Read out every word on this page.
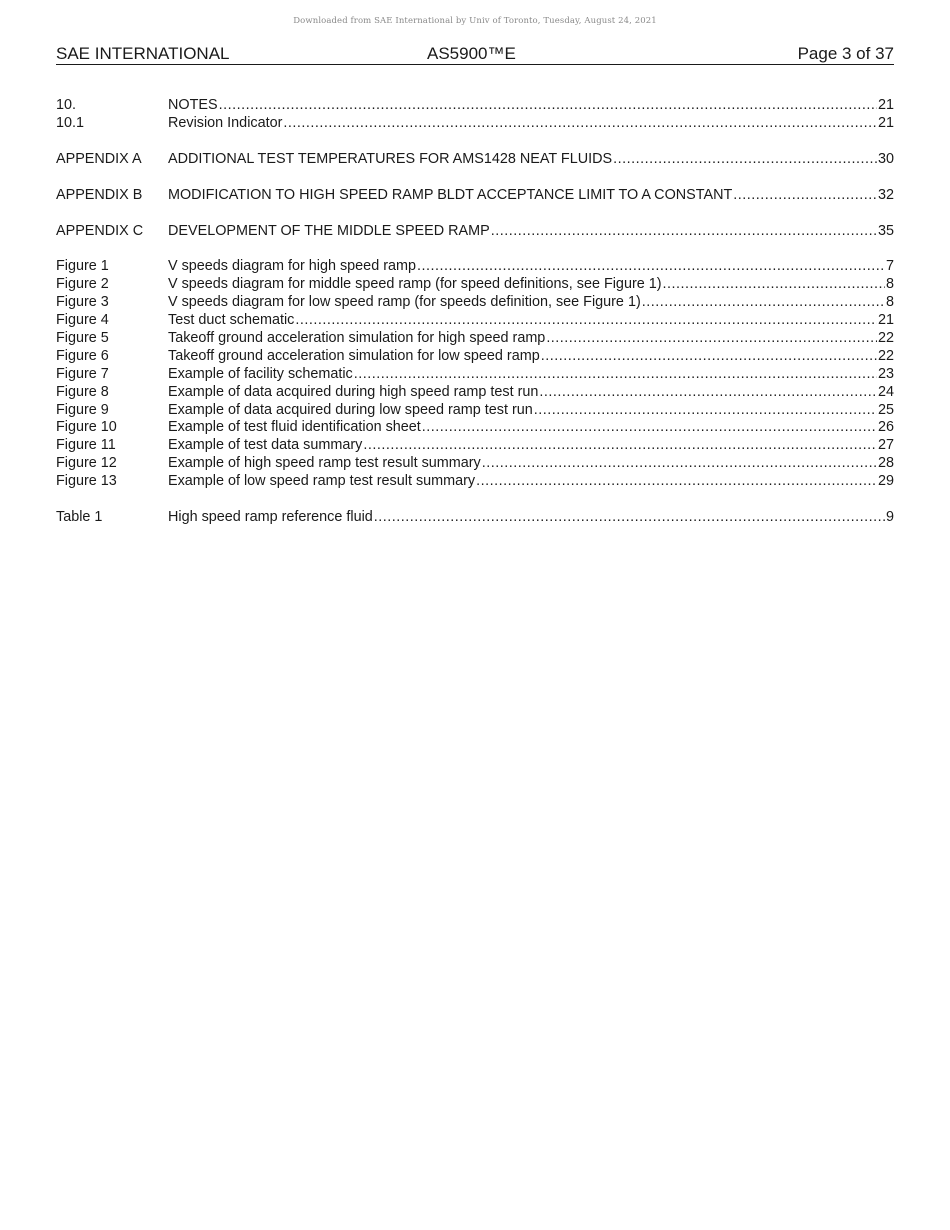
Downloaded from SAE International by Univ of Toronto, Tuesday, August 24, 2021
SAE INTERNATIONAL	AS5900™E	Page 3 of 37
10.	NOTES .....	21
10.1	Revision Indicator .....	21
APPENDIX A ADDITIONAL TEST TEMPERATURES FOR AMS1428 NEAT FLUIDS .....	30
APPENDIX B MODIFICATION TO HIGH SPEED RAMP BLDT ACCEPTANCE LIMIT TO A CONSTANT .....	32
APPENDIX C DEVELOPMENT OF THE MIDDLE SPEED RAMP .....	35
Figure 1	V speeds diagram for high speed ramp .....	7
Figure 2	V speeds diagram for middle speed ramp (for speed definitions, see Figure 1) .....	8
Figure 3	V speeds diagram for low speed ramp (for speeds definition, see Figure 1) .....	8
Figure 4	Test duct schematic .....	21
Figure 5	Takeoff ground acceleration simulation for high speed ramp .....	22
Figure 6	Takeoff ground acceleration simulation for low speed ramp .....	22
Figure 7	Example of facility schematic .....	23
Figure 8	Example of data acquired during high speed ramp test run .....	24
Figure 9	Example of data acquired during low speed ramp test run .....	25
Figure 10	Example of test fluid identification sheet .....	26
Figure 11	Example of test data summary .....	27
Figure 12	Example of high speed ramp test result summary .....	28
Figure 13	Example of low speed ramp test result summary .....	29
Table 1	High speed ramp reference fluid .....	9
